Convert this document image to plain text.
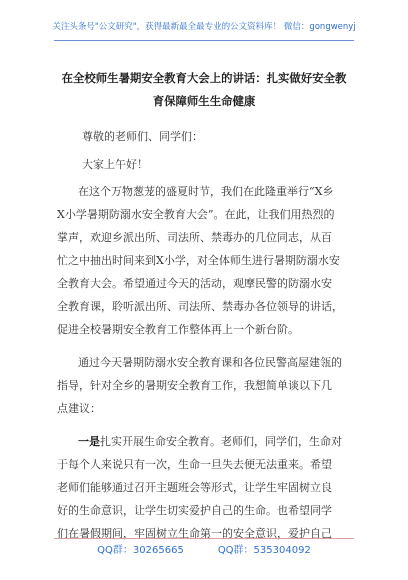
关注头条号"公文研究"，获得最新最全最专业的公文资料库！ 微信：gongwenyj
在全校师生暑期安全教育大会上的讲话：扎实做好安全教
育保障师生生命健康
尊敬的老师们、同学们：
大家上午好！
在这个万物葱茏的盛夏时节，我们在此隆重举行“X乡
X小学暑期防溺水安全教育大会”。在此，让我们用热烈的
掌声，欢迎乡派出所、司法所、禁毒办的几位同志，从百
忙之中抽出时间来到X小学，对全体师生进行暑期防溺水安
全教育大会。希望通过今天的活动，观摩民警的防溺水安
全教育课，聆听派出所、司法所、禁毒办各位领导的讲话，
促进全校暑期安全教育工作整体再上一个新台阶。
通过今天暑期防溺水安全教育课和各位民警高屋建瓴的
指导，针对全乡的暑期安全教育工作，我想简单谈以下几
点建议：
一是扎实开展生命安全教育。老师们，同学们，生命对
于每个人来说只有一次，生命一旦失去便无法重来。希望
老师们能够通过召开主题班会等形式，让学生牢固树立良
好的生命意识，让学生切实爱护自己的生命。也希望同学
们在暑假期间，牢固树立生命第一的安全意识，爱护自己
QQ群：30265665	QQ群：535304092
